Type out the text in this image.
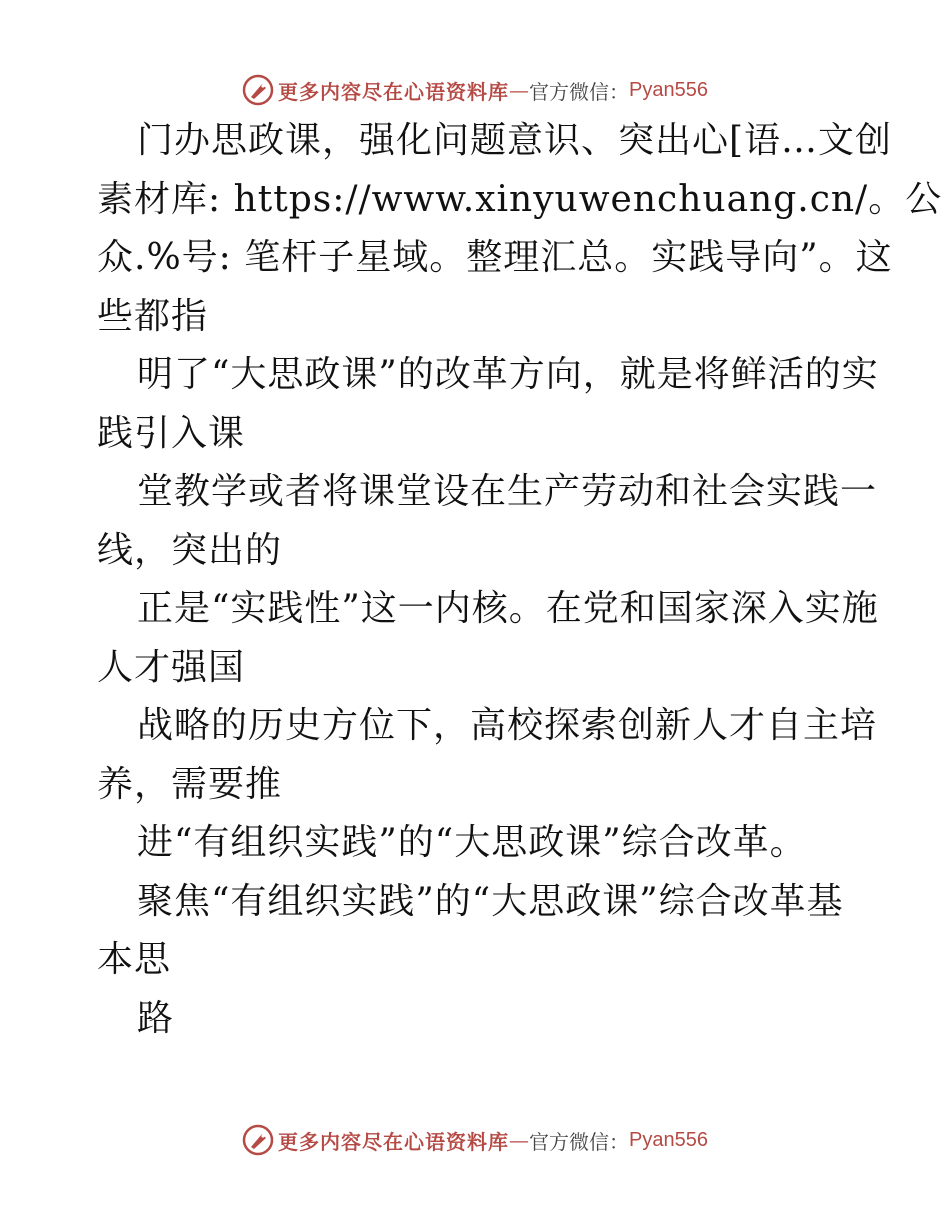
更多内容尽在心语资料库 — 官方微信： Pyan556
门办思政课，强化问题意识、突出心[语…文创
素材库: https://www.xinyuwenchuang.cn/。公
众.%号: 笔杆子星域。整理汇总。实践导向”。这
些都指
明了“大思政课”的改革方向，就是将鲜活的实
践引入课
堂教学或者将课堂设在生产劳动和社会实践一
线，突出的
正是“实践性”这一内核。在党和国家深入实施
人才强国
战略的历史方位下，高校探索创新人才自主培
养，需要推
进“有组织实践”的“大思政课”综合改革。
聚焦“有组织实践”的“大思政课”综合改革基
本思
路
更多内容尽在心语资料库 — 官方微信： Pyan556
